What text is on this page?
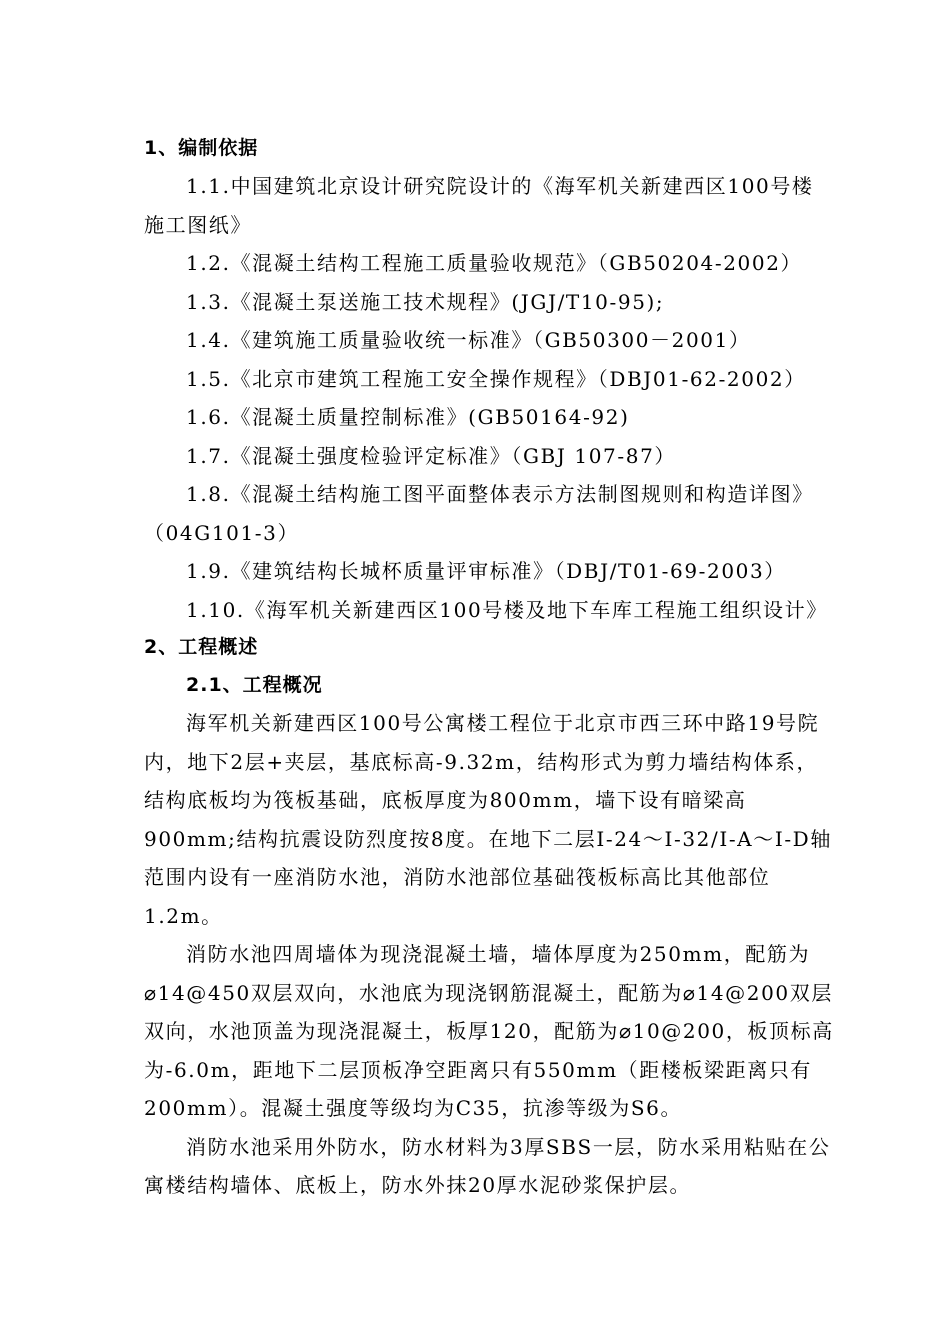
1、编制依据

1.1.中国建筑北京设计研究院设计的《海军机关新建西区100号楼施工图纸》

1.2.《混凝土结构工程施工质量验收规范》（GB50204-2002）

1.3.《混凝土泵送施工技术规程》(JGJ/T10-95);

1.4.《建筑施工质量验收统一标准》（GB50300－2001）

1.5.《北京市建筑工程施工安全操作规程》（DBJ01-62-2002）

1.6.《混凝土质量控制标准》(GB50164-92)

1.7.《混凝土强度检验评定标准》（GBJ 107-87）

1.8.《混凝土结构施工图平面整体表示方法制图规则和构造详图》（04G101-3）

1.9.《建筑结构长城杯质量评审标准》（DBJ/T01-69-2003）

1.10.《海军机关新建西区100号楼及地下车库工程施工组织设计》

2、工程概述

2.1、工程概况

海军机关新建西区100号公寓楼工程位于北京市西三环中路19号院内，地下2层+夹层，基底标高-9.32m，结构形式为剪力墙结构体系，结构底板均为筏板基础，底板厚度为800mm，墙下设有暗梁高900mm;结构抗震设防烈度按8度。在地下二层I-24～I-32/I-A～I-D轴范围内设有一座消防水池，消防水池部位基础筏板标高比其他部位1.2m。

消防水池四周墙体为现浇混凝土墙，墙体厚度为250mm，配筋为⌀14@450双层双向，水池底为现浇钢筋混凝土，配筋为⌀14@200双层双向，水池顶盖为现浇混凝土，板厚120，配筋为⌀10@200，板顶标高为-6.0m，距地下二层顶板净空距离只有550mm（距楼板梁距离只有200mm）。混凝土强度等级均为C35，抗渗等级为S6。

消防水池采用外防水，防水材料为3厚SBS一层，防水采用粘贴在公寓楼结构墙体、底板上，防水外抹20厚水泥砂浆保护层。
